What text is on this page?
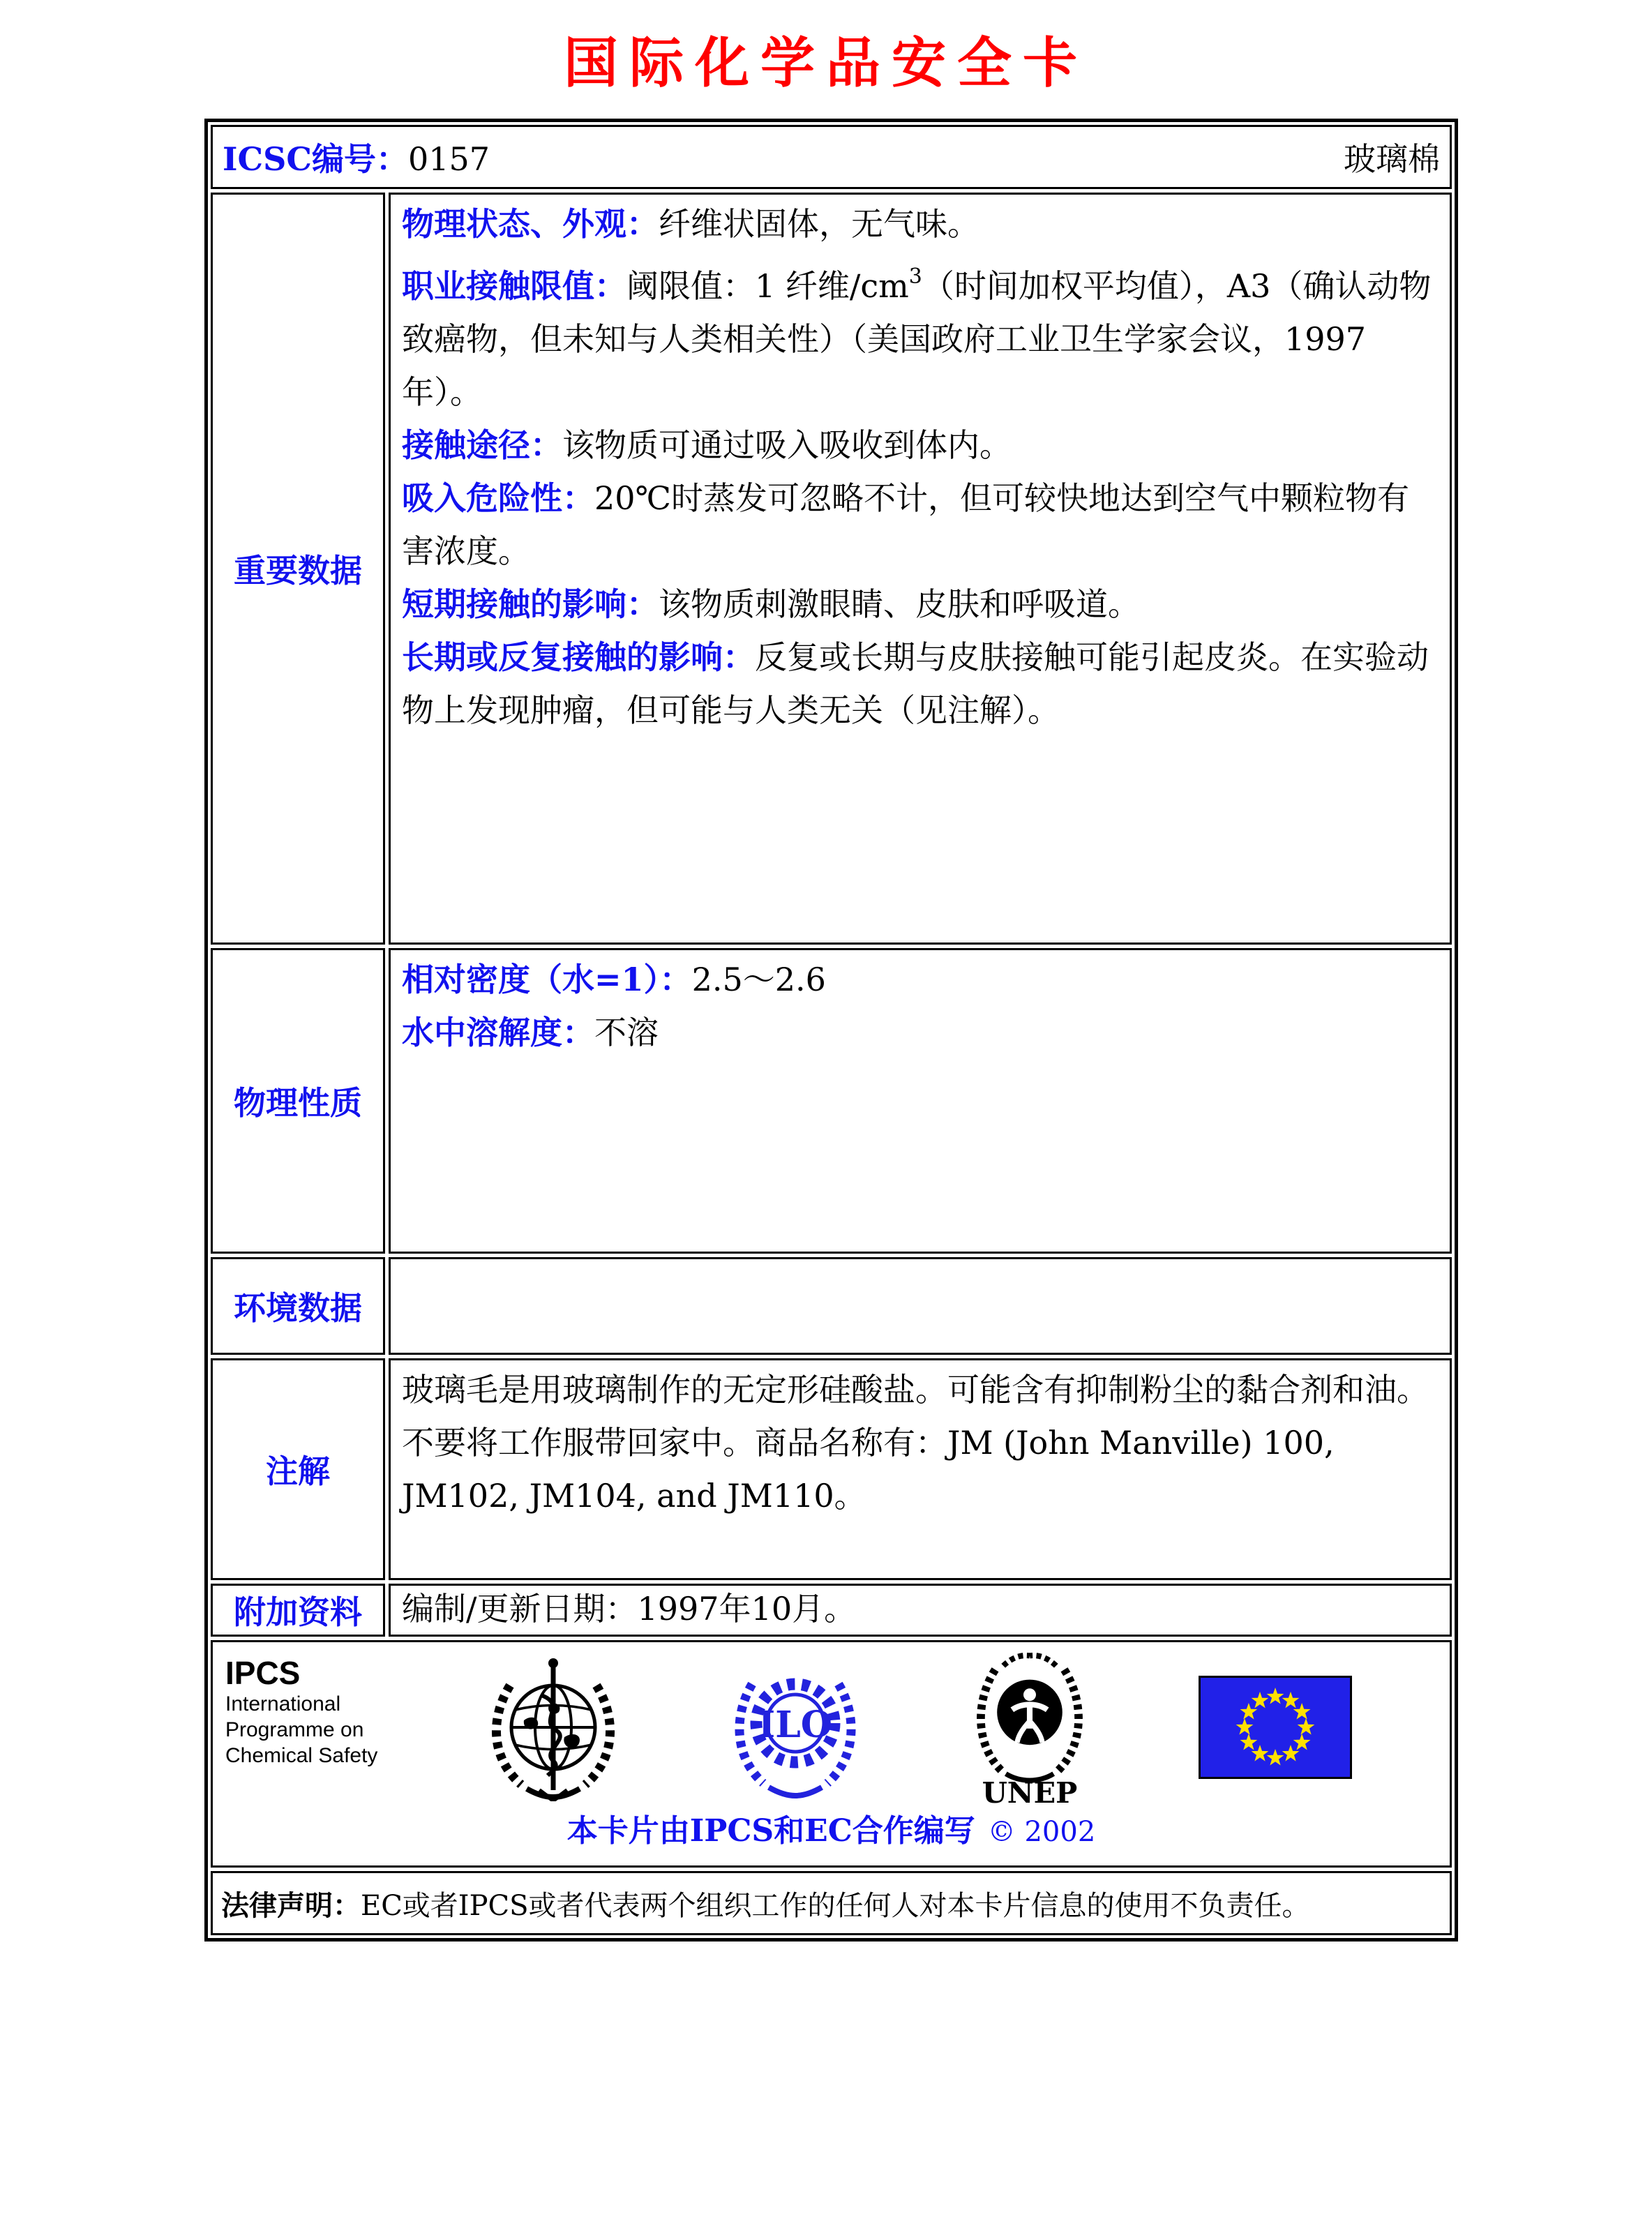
国际化学品安全卡
ICSC编号：0157	玻璃棉
重要数据

物理状态、外观：纤维状固体，无气味。

职业接触限值：阈限值：1 纤维$/cm^3$（时间加权平均值），A3（确认动物致癌物，但未知与人类相关性）（美国政府工业卫生学家会议，1997年）。

接触途径：该物质可通过吸入吸收到体内。

吸入危险性：20℃时蒸发可忽略不计，但可较快地达到空气中颗粒物有害浓度。

短期接触的影响：该物质刺激眼睛、皮肤和呼吸道。

长期或反复接触的影响：反复或长期与皮肤接触可能引起皮炎。在实验动物上发现肿瘤，但可能与人类无关（见注解）。

物理性质

相对密度（水=1）：2.5～2.6

水中溶解度：不溶

环境数据
注解

玻璃毛是用玻璃制作的无定形硅酸盐。可能含有抑制粉尘的黏合剂和油。不要将工作服带回家中。商品名称有：JM (John Manville) 100, JM102, JM104, and JM110。

附加资料	编制/更新日期：1997年10月。

IPCS
International
Programme on
Chemical Safety
ILO
UNEP
本卡片由IPCS和EC合作编写 © 2002
法律声明： EC或者IPCS或者代表两个组织工作的任何人对本卡片信息的使用不负责任。
